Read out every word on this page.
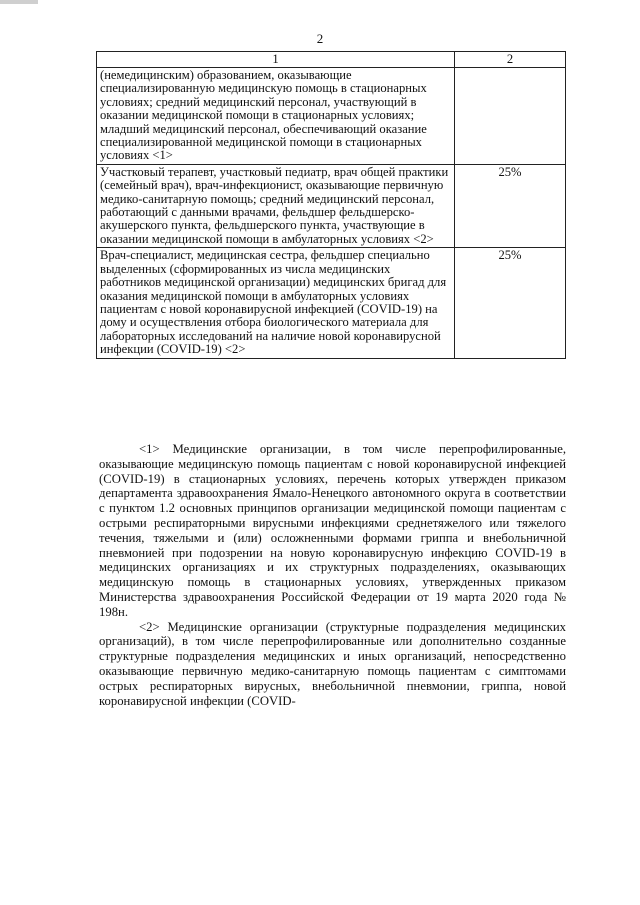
2
1	2

(немедицинским) образованием, оказывающие специализированную медицинскую помощь в стационарных условиях; средний медицинский персонал, участвующий в оказании медицинской помощи в стационарных условиях; младший медицинский персонал, обеспечивающий оказание специализированной медицинской помощи в стационарных условиях <1>	

Участковый терапевт, участковый педиатр, врач общей практики (семейный врач), врач-инфекционист, оказывающие первичную медико-санитарную помощь; средний медицинский персонал, работающий с данными врачами, фельдшер фельдшерско-акушерского пункта, фельдшерского пункта, участвующие в оказании медицинской помощи в амбулаторных условиях <2>	25%

Врач-специалист, медицинская сестра, фельдшер специально выделенных (сформированных из числа медицинских работников медицинской организации) медицинских бригад для оказания медицинской помощи в амбулаторных условиях пациентам с новой коронавирусной инфекцией (COVID-19) на дому и осуществления отбора биологического материала для лабораторных исследований на наличие новой коронавирусной инфекции (COVID-19) <2>	25%

<1> Медицинские организации, в том числе перепрофилированные, оказывающие медицинскую помощь пациентам с новой коронавирусной инфекцией (COVID-19) в стационарных условиях, перечень которых утвержден приказом департамента здравоохранения Ямало-Ненецкого автономного округа в соответствии с пунктом 1.2 основных принципов организации медицинской помощи пациентам с острыми респираторными вирусными инфекциями среднетяжелого или тяжелого течения, тяжелыми и (или) осложненными формами гриппа и внебольничной пневмонией при подозрении на новую коронавирусную инфекцию COVID-19 в медицинских организациях и их структурных подразделениях, оказывающих медицинскую помощь в стационарных условиях, утвержденных приказом Министерства здравоохранения Российской Федерации от 19 марта 2020 года № 198н.

<2> Медицинские организации (структурные подразделения медицинских организаций), в том числе перепрофилированные или дополнительно созданные структурные подразделения медицинских и иных организаций, непосредственно оказывающие первичную медико-санитарную помощь пациентам с симптомами острых респираторных вирусных, внебольничной пневмонии, гриппа, новой коронавирусной инфекции (COVID-
